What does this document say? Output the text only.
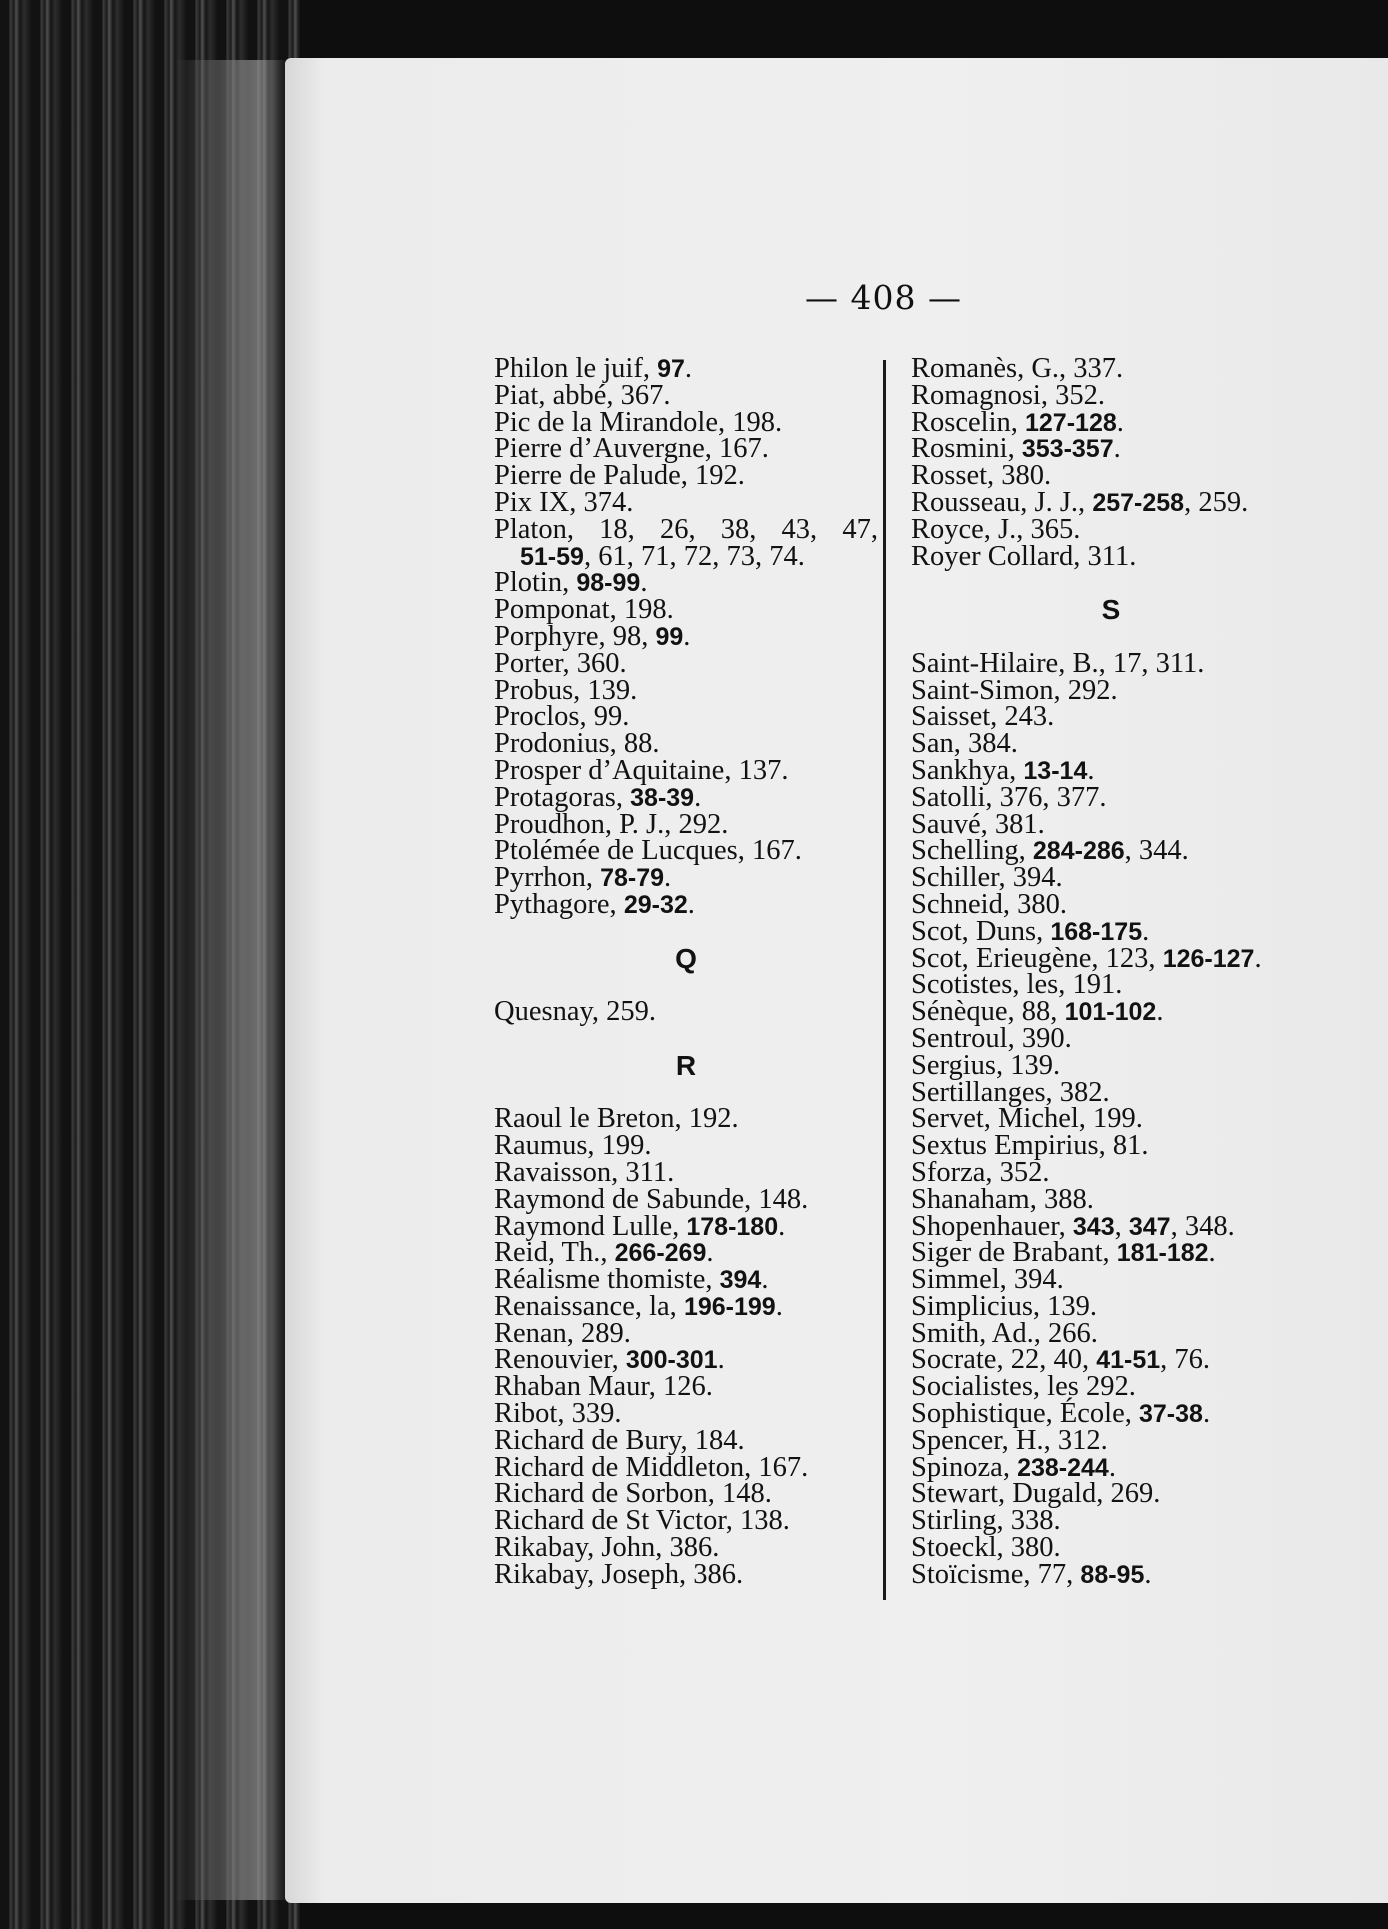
— 408 —
Philon le juif, 97.
Piat, abbé, 367.
Pic de la Mirandole, 198.
Pierre d’Auvergne, 167.
Pierre de Palude, 192.
Pix IX, 374.
Platon, 18, 26, 38, 43, 47,
51-59, 61, 71, 72, 73, 74.
Plotin, 98-99.
Pomponat, 198.
Porphyre, 98, 99.
Porter, 360.
Probus, 139.
Proclos, 99.
Prodonius, 88.
Prosper d’Aquitaine, 137.
Protagoras, 38-39.
Proudhon, P. J., 292.
Ptolémée de Lucques, 167.
Pyrrhon, 78-79.
Pythagore, 29-32.
Q
Quesnay, 259.
R
Raoul le Breton, 192.
Raumus, 199.
Ravaisson, 311.
Raymond de Sabunde, 148.
Raymond Lulle, 178-180.
Reid, Th., 266-269.
Réalisme thomiste, 394.
Renaissance, la, 196-199.
Renan, 289.
Renouvier, 300-301.
Rhaban Maur, 126.
Ribot, 339.
Richard de Bury, 184.
Richard de Middleton, 167.
Richard de Sorbon, 148.
Richard de St Victor, 138.
Rikabay, John, 386.
Rikabay, Joseph, 386.
Romanès, G., 337.
Romagnosi, 352.
Roscelin, 127-128.
Rosmini, 353-357.
Rosset, 380.
Rousseau, J. J., 257-258, 259.
Royce, J., 365.
Royer Collard, 311.
S
Saint-Hilaire, B., 17, 311.
Saint-Simon, 292.
Saisset, 243.
San, 384.
Sankhya, 13-14.
Satolli, 376, 377.
Sauvé, 381.
Schelling, 284-286, 344.
Schiller, 394.
Schneid, 380.
Scot, Duns, 168-175.
Scot, Erieugène, 123, 126-127.
Scotistes, les, 191.
Sénèque, 88, 101-102.
Sentroul, 390.
Sergius, 139.
Sertillanges, 382.
Servet, Michel, 199.
Sextus Empirius, 81.
Sforza, 352.
Shanaham, 388.
Shopenhauer, 343, 347, 348.
Siger de Brabant, 181-182.
Simmel, 394.
Simplicius, 139.
Smith, Ad., 266.
Socrate, 22, 40, 41-51, 76.
Socialistes, les 292.
Sophistique, École, 37-38.
Spencer, H., 312.
Spinoza, 238-244.
Stewart, Dugald, 269.
Stirling, 338.
Stoeckl, 380.
Stoïcisme, 77, 88-95.
